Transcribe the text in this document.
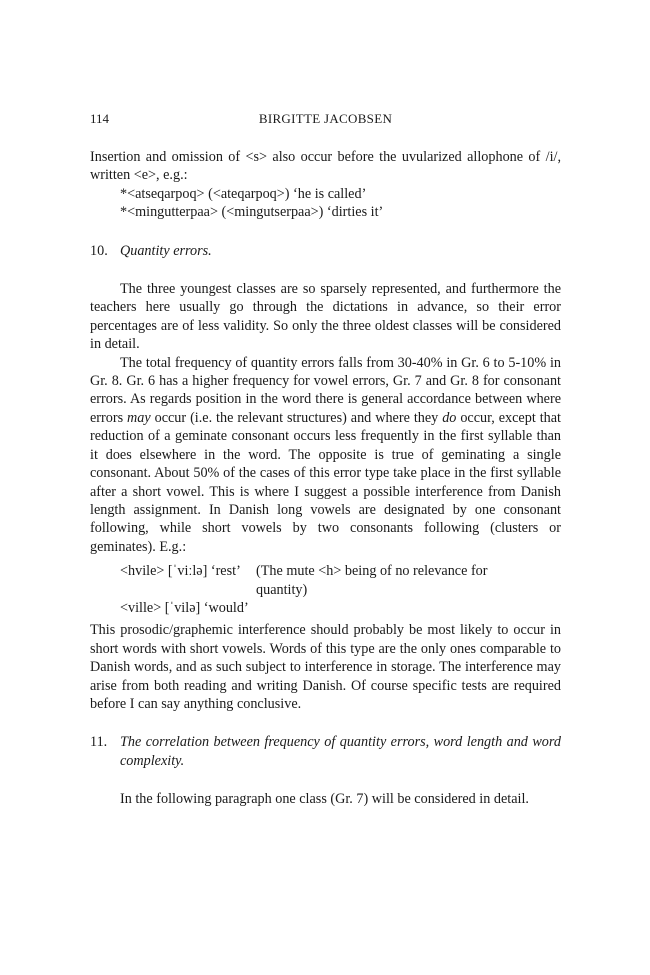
114	BIRGITTE JACOBSEN

Insertion and omission of <s> also occur before the uvularized allophone of /i/, written <e>, e.g.:

*<atseqarpoq> (<ateqarpoq>) ‘he is called’

*<mingutterpaa> (<mingutserpaa>) ‘dirties it’

10. Quantity errors.

The three youngest classes are so sparsely represented, and furthermore the teachers here usually go through the dictations in advance, so their error percentages are of less validity. So only the three oldest classes will be considered in detail.

The total frequency of quantity errors falls from 30-40% in Gr. 6 to 5-10% in Gr. 8. Gr. 6 has a higher frequency for vowel errors, Gr. 7 and Gr. 8 for consonant errors. As regards position in the word there is general accordance between where errors may occur (i.e. the relevant structures) and where they do occur, except that reduction of a geminate consonant occurs less frequently in the first syllable than it does elsewhere in the word. The opposite is true of geminating a single consonant. About 50% of the cases of this error type take place in the first syllable after a short vowel. This is where I suggest a possible interference from Danish length assignment. In Danish long vowels are designated by one consonant following, while short vowels by two consonants following (clusters or geminates). E.g.:

<hvile> [ˈviːlə] ‘rest’	(The mute <h> being of no relevance for
quantity)
<ville> [ˈvilə] ‘would’

This prosodic/graphemic interference should probably be most likely to occur in short words with short vowels. Words of this type are the only ones comparable to Danish words, and as such subject to interference in storage. The interference may arise from both reading and writing Danish. Of course specific tests are required before I can say anything conclusive.

11. The correlation between frequency of quantity errors, word length and word complexity.

In the following paragraph one class (Gr. 7) will be considered in detail.
